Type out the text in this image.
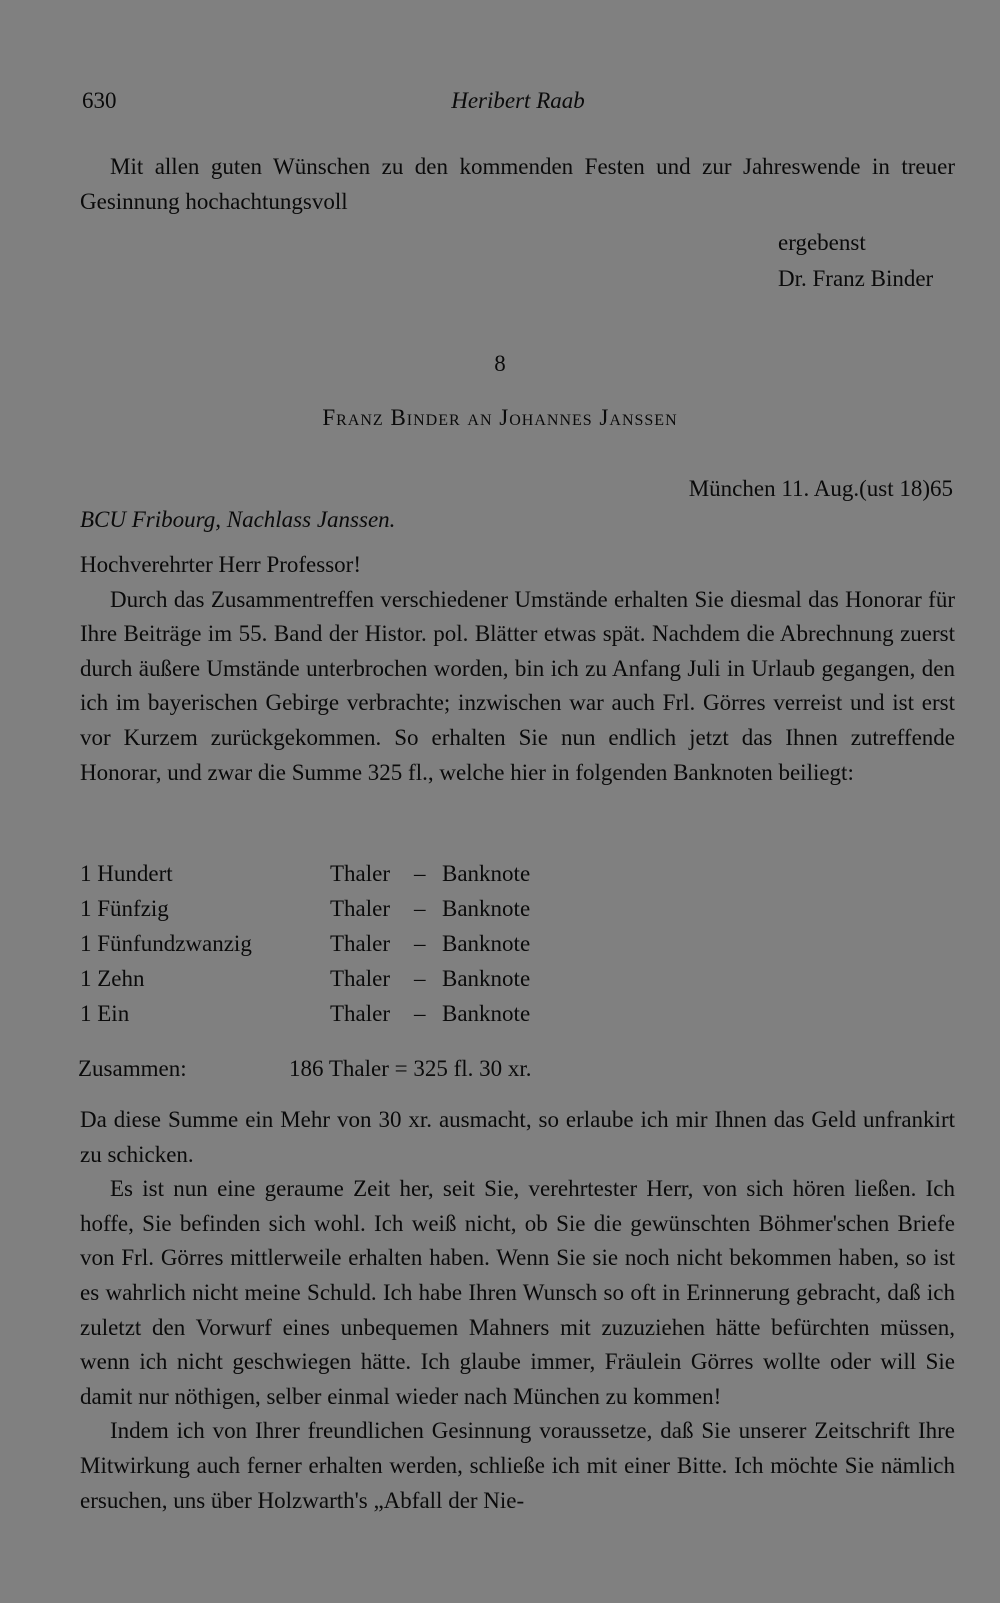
630	Heribert Raab

Mit allen guten Wünschen zu den kommenden Festen und zur Jahreswende in treuer Gesinnung hochachtungsvoll

ergebenst
Dr. Franz Binder
8
Franz Binder an Johannes Janssen
München 11. Aug.(ust 18)65
BCU Fribourg, Nachlass Janssen.

Hochverehrter Herr Professor!

Durch das Zusammentreffen verschiedener Umstände erhalten Sie diesmal das Honorar für Ihre Beiträge im 55. Band der Histor. pol. Blätter etwas spät. Nachdem die Abrechnung zuerst durch äußere Umstände unterbrochen worden, bin ich zu Anfang Juli in Urlaub gegangen, den ich im bayerischen Gebirge verbrachte; inzwischen war auch Frl. Görres verreist und ist erst vor Kurzem zurückgekommen. So erhalten Sie nun endlich jetzt das Ihnen zutreffende Honorar, und zwar die Summe 325 fl., welche hier in folgenden Banknoten beiliegt:

1 Hundert	Thaler – Banknote
1 Fünfzig	Thaler – Banknote
1 Fünfundzwanzig	Thaler – Banknote
1 Zehn	Thaler – Banknote
1 Ein	Thaler – Banknote
Zusammen:	186 Thaler = 325 fl. 30 xr.

Da diese Summe ein Mehr von 30 xr. ausmacht, so erlaube ich mir Ihnen das Geld unfrankirt zu schicken.

Es ist nun eine geraume Zeit her, seit Sie, verehrtester Herr, von sich hören ließen. Ich hoffe, Sie befinden sich wohl. Ich weiß nicht, ob Sie die gewünschten Böhmer'schen Briefe von Frl. Görres mittlerweile erhalten haben. Wenn Sie sie noch nicht bekommen haben, so ist es wahrlich nicht meine Schuld. Ich habe Ihren Wunsch so oft in Erinnerung gebracht, daß ich zuletzt den Vorwurf eines unbequemen Mahners mit zuzuziehen hätte befürchten müssen, wenn ich nicht geschwiegen hätte. Ich glaube immer, Fräulein Görres wollte oder will Sie damit nur nöthigen, selber einmal wieder nach München zu kommen!

Indem ich von Ihrer freundlichen Gesinnung voraussetze, daß Sie unserer Zeitschrift Ihre Mitwirkung auch ferner erhalten werden, schließe ich mit einer Bitte. Ich möchte Sie nämlich ersuchen, uns über Holzwarth's „Abfall der Nie-
